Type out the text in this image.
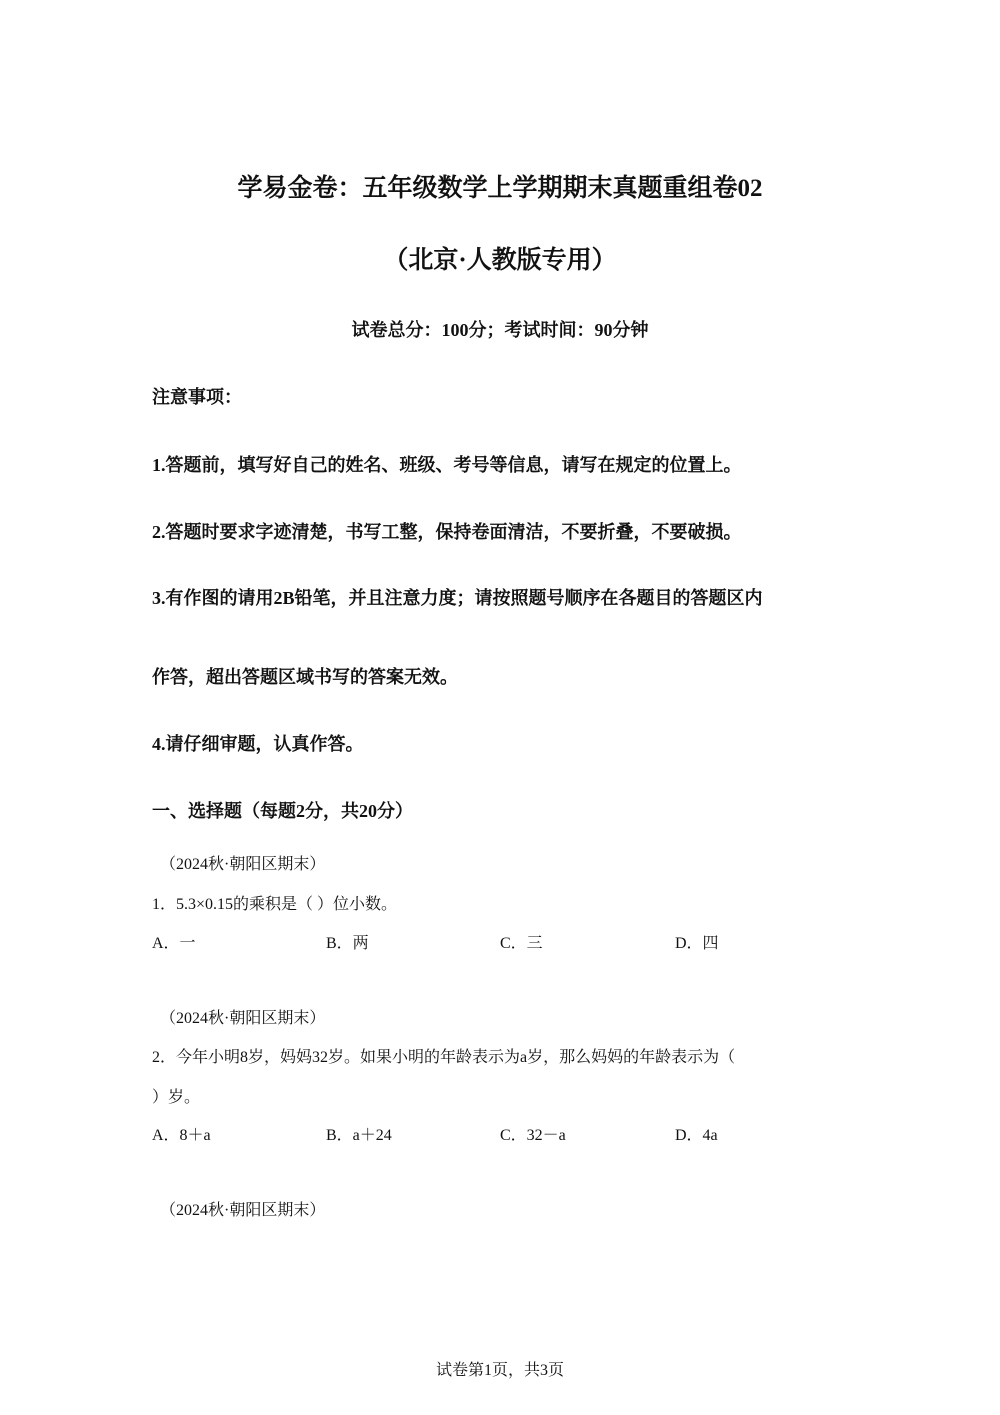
学易金卷：五年级数学上学期期末真题重组卷02
（北京·人教版专用）
试卷总分：100分；考试时间：90分钟
注意事项：
1.答题前，填写好自己的姓名、班级、考号等信息，请写在规定的位置上。
2.答题时要求字迹清楚，书写工整，保持卷面清洁，不要折叠，不要破损。
3.有作图的请用2B铅笔，并且注意力度；请按照题号顺序在各题目的答题区内
作答，超出答题区域书写的答案无效。
4.请仔细审题，认真作答。
一、选择题（每题2分，共20分）
（2024秋·朝阳区期末）
1．5.3×0.15的乘积是（ ）位小数。
A．一	B．两	C．三	D．四
（2024秋·朝阳区期末）
2．今年小明8岁，妈妈32岁。如果小明的年龄表示为a岁，那么妈妈的年龄表示为（
）岁。
A．8＋a	B．a＋24	C．32－a	D．4a
（2024秋·朝阳区期末）
试卷第1页，共3页
